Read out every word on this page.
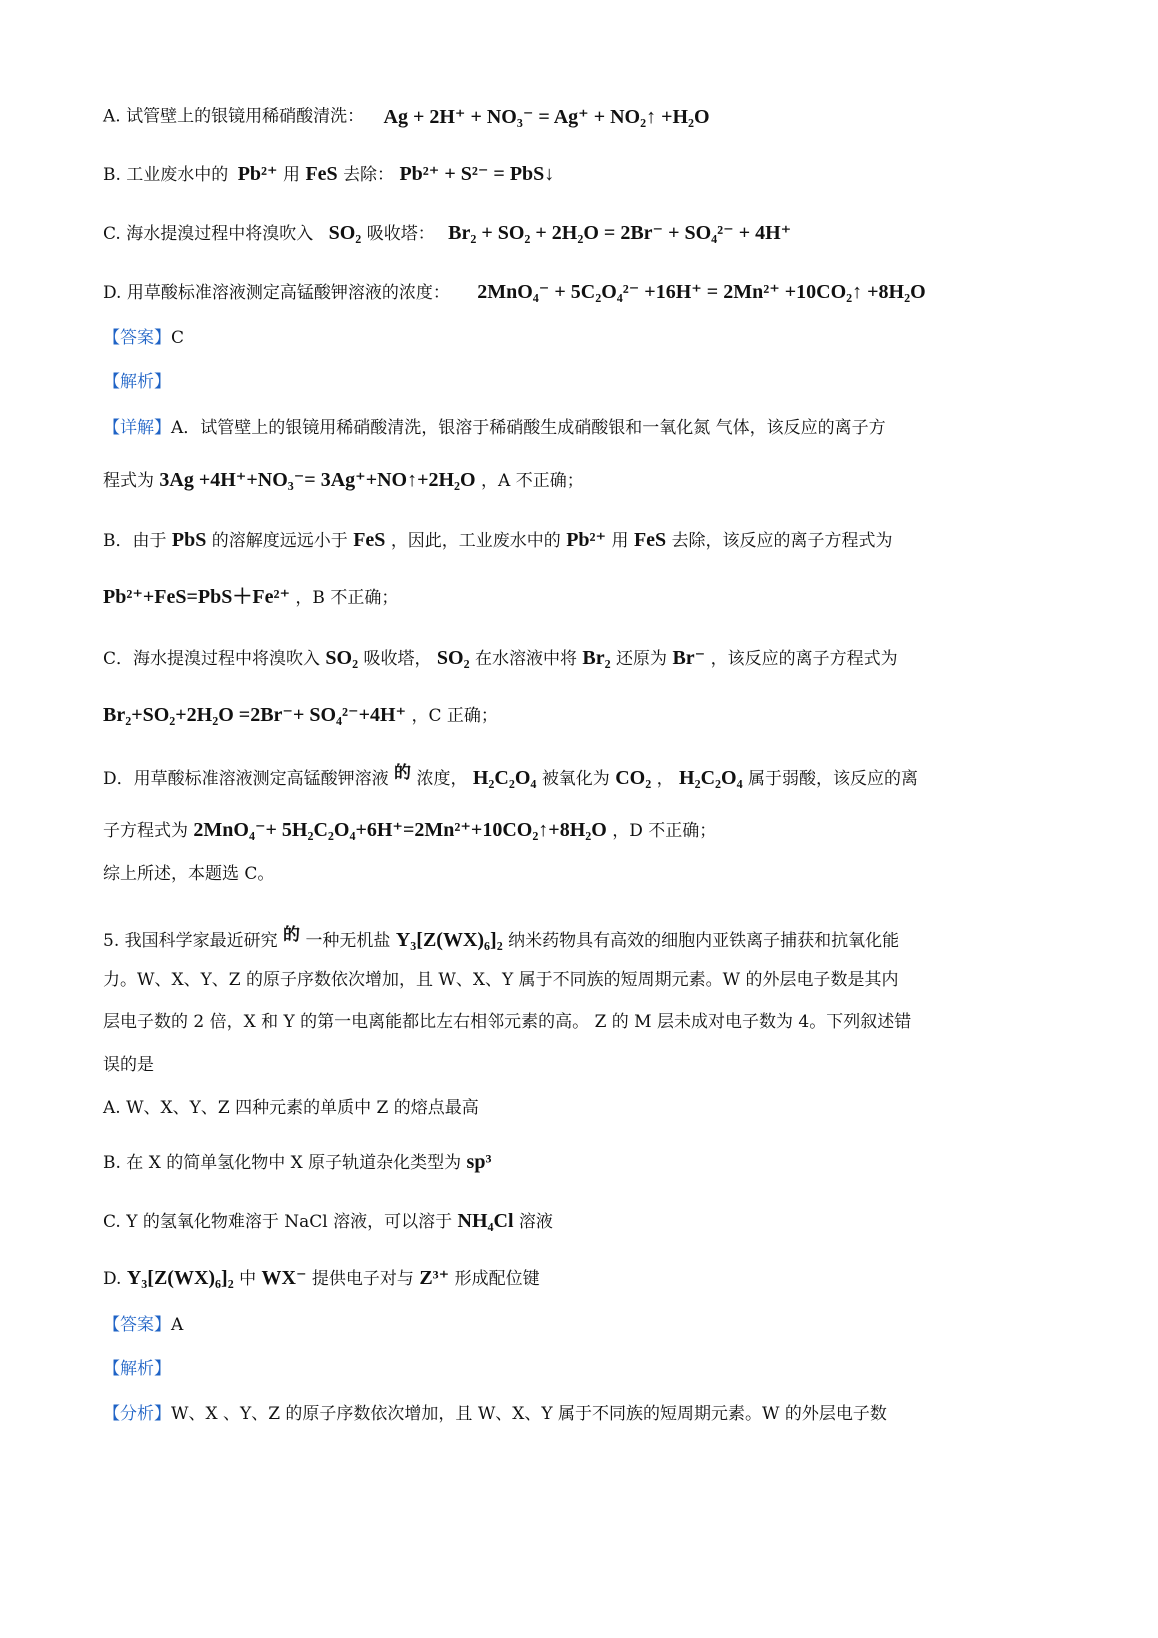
A. 试管壁上的银镜用稀硝酸清洗： Ag + 2H⁺ + NO₃⁻ = Ag⁺ + NO₂↑ +H₂O
B. 工业废水中的 Pb²⁺ 用 FeS 去除： Pb²⁺ + S²⁻ = PbS↓
C. 海水提溴过程中将溴吹入 SO₂ 吸收塔： Br₂ + SO₂ + 2H₂O = 2Br⁻ + SO₄²⁻ + 4H⁺
D. 用草酸标准溶液测定高锰酸钾溶液的浓度： 2MnO₄⁻ + 5C₂O₄²⁻ +16H⁺ = 2Mn²⁺ +10CO₂↑ +8H₂O
【答案】C
【解析】
【详解】A．试管壁上的银镜用稀硝酸清洗，银溶于稀硝酸生成硝酸银和一氧化氮 气体，该反应的离子方
程式为 3Ag +4H⁺+NO₃⁻= 3Ag⁺+NO↑+2H₂O ，A 不正确；
B．由于 PbS 的溶解度远远小于 FeS ，因此，工业废水中的 Pb²⁺ 用 FeS 去除，该反应的离子方程式为
Pb²⁺+FeS=PbS＋Fe²⁺ ，B 不正确；
C．海水提溴过程中将溴吹入 SO₂ 吸收塔， SO₂ 在水溶液中将 Br₂ 还原为 Br⁻ ，该反应的离子方程式为
Br₂+SO₂+2H₂O =2Br⁻+ SO₄²⁻+4H⁺ ，C 正确；
D．用草酸标准溶液测定高锰酸钾溶液 的 浓度， H₂C₂O₄ 被氧化为 CO₂ ， H₂C₂O₄ 属于弱酸，该反应的离
子方程式为 2MnO₄⁻+ 5H₂C₂O₄+6H⁺=2Mn²⁺+10CO₂↑+8H₂O ，D 不正确；
综上所述，本题选 C。
5. 我国科学家最近研究 的 一种无机盐 Y₃[Z(WX)₆]₂ 纳米药物具有高效的细胞内亚铁离子捕获和抗氧化能
力。W、X、Y、Z 的原子序数依次增加，且 W、X、Y 属于不同族的短周期元素。W 的外层电子数是其内
层电子数的 2 倍，X 和 Y 的第一电离能都比左右相邻元素的高。 Z 的 M 层未成对电子数为 4。下列叙述错
误的是
A. W、X、Y、Z 四种元素的单质中 Z 的熔点最高
B. 在 X 的简单氢化物中 X 原子轨道杂化类型为 sp³
C. Y 的氢氧化物难溶于 NaCl 溶液，可以溶于 NH₄Cl 溶液
D. Y₃[Z(WX)₆]₂ 中 WX⁻ 提供电子对与 Z³⁺ 形成配位键
【答案】A
【解析】
【分析】W、X 、Y、Z 的原子序数依次增加，且 W、X、Y 属于不同族的短周期元素。W 的外层电子数
